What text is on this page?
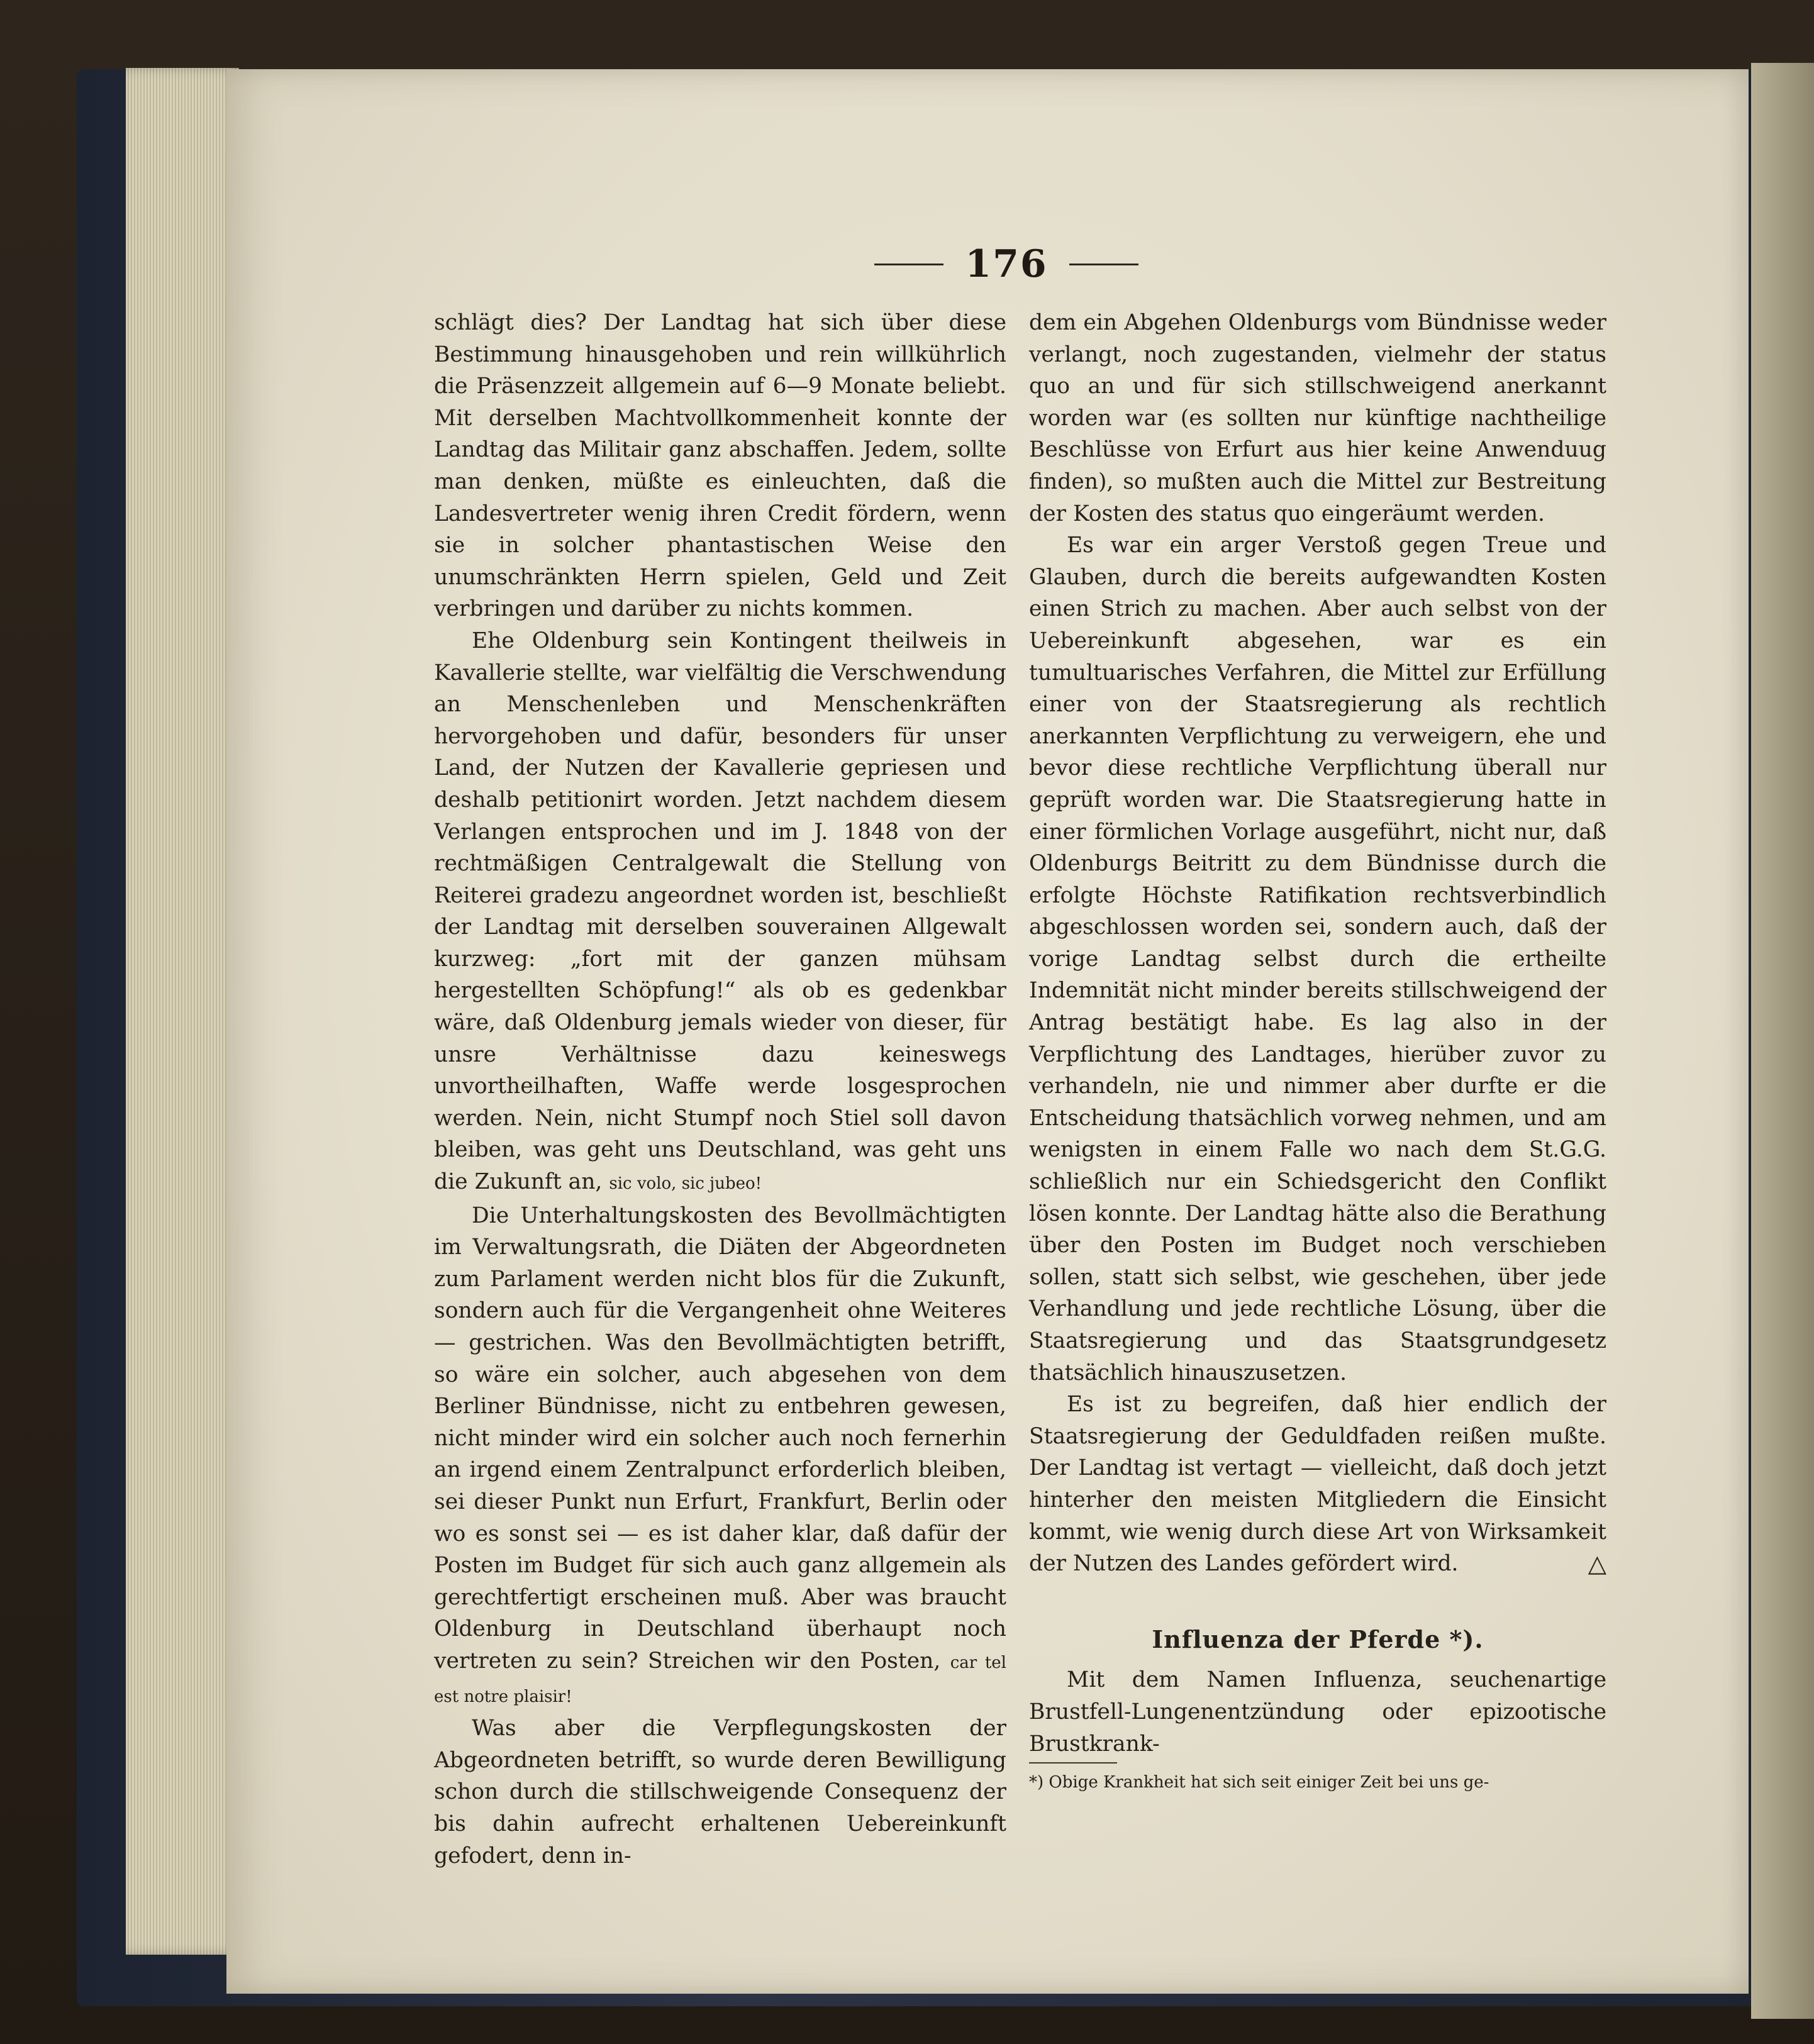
176

schlägt dies? Der Landtag hat sich über diese Bestimmung hinausgehoben und rein willkührlich die Präsenzzeit allgemein auf 6—9 Monate beliebt. Mit derselben Machtvollkommenheit konnte der Landtag das Militair ganz abschaffen. Jedem, sollte man denken, müßte es einleuchten, daß die Landesvertreter wenig ihren Credit fördern, wenn sie in solcher phantastischen Weise den unumschränkten Herrn spielen, Geld und Zeit verbringen und darüber zu nichts kommen.

Ehe Oldenburg sein Kontingent theilweis in Kavallerie stellte, war vielfältig die Verschwendung an Menschenleben und Menschenkräften hervorgehoben und dafür, besonders für unser Land, der Nutzen der Kavallerie gepriesen und deshalb petitionirt worden. Jetzt nachdem diesem Verlangen entsprochen und im J. 1848 von der rechtmäßigen Centralgewalt die Stellung von Reiterei gradezu angeordnet worden ist, beschließt der Landtag mit derselben souverainen Allgewalt kurzweg: „fort mit der ganzen mühsam hergestellten Schöpfung!“ als ob es gedenkbar wäre, daß Oldenburg jemals wieder von dieser, für unsre Verhältnisse dazu keineswegs unvortheilhaften, Waffe werde losgesprochen werden. Nein, nicht Stumpf noch Stiel soll davon bleiben, was geht uns Deutschland, was geht uns die Zukunft an, sic volo, sic jubeo!

Die Unterhaltungskosten des Bevollmächtigten im Verwaltungsrath, die Diäten der Abgeordneten zum Parlament werden nicht blos für die Zukunft, sondern auch für die Vergangenheit ohne Weiteres — gestrichen. Was den Bevollmächtigten betrifft, so wäre ein solcher, auch abgesehen von dem Berliner Bündnisse, nicht zu entbehren gewesen, nicht minder wird ein solcher auch noch fernerhin an irgend einem Zentralpunct erforderlich bleiben, sei dieser Punkt nun Erfurt, Frankfurt, Berlin oder wo es sonst sei — es ist daher klar, daß dafür der Posten im Budget für sich auch ganz allgemein als gerechtfertigt erscheinen muß. Aber was braucht Oldenburg in Deutschland überhaupt noch vertreten zu sein? Streichen wir den Posten, car tel est notre plaisir!

Was aber die Verpflegungskosten der Abgeordneten betrifft, so wurde deren Bewilligung schon durch die stillschweigende Consequenz der bis dahin aufrecht erhaltenen Uebereinkunft gefodert, denn in-

dem ein Abgehen Oldenburgs vom Bündnisse weder verlangt, noch zugestanden, vielmehr der status quo an und für sich stillschweigend anerkannt worden war (es sollten nur künftige nachtheilige Beschlüsse von Erfurt aus hier keine Anwenduug finden), so mußten auch die Mittel zur Bestreitung der Kosten des status quo eingeräumt werden.

Es war ein arger Verstoß gegen Treue und Glauben, durch die bereits aufgewandten Kosten einen Strich zu machen. Aber auch selbst von der Uebereinkunft abgesehen, war es ein tumultuarisches Verfahren, die Mittel zur Erfüllung einer von der Staatsregierung als rechtlich anerkannten Verpflichtung zu verweigern, ehe und bevor diese rechtliche Verpflichtung überall nur geprüft worden war. Die Staatsregierung hatte in einer förmlichen Vorlage ausgeführt, nicht nur, daß Oldenburgs Beitritt zu dem Bündnisse durch die erfolgte Höchste Ratifikation rechtsverbindlich abgeschlossen worden sei, sondern auch, daß der vorige Landtag selbst durch die ertheilte Indemnität nicht minder bereits stillschweigend der Antrag bestätigt habe. Es lag also in der Verpflichtung des Landtages, hierüber zuvor zu verhandeln, nie und nimmer aber durfte er die Entscheidung thatsächlich vorweg nehmen, und am wenigsten in einem Falle wo nach dem St.G.G. schließlich nur ein Schiedsgericht den Conflikt lösen konnte. Der Landtag hätte also die Berathung über den Posten im Budget noch verschieben sollen, statt sich selbst, wie geschehen, über jede Verhandlung und jede rechtliche Lösung, über die Staatsregierung und das Staatsgrundgesetz thatsächlich hinauszusetzen.

Es ist zu begreifen, daß hier endlich der Staatsregierung der Geduldfaden reißen mußte. Der Landtag ist vertagt — vielleicht, daß doch jetzt hinterher den meisten Mitgliedern die Einsicht kommt, wie wenig durch diese Art von Wirksamkeit der Nutzen des Landes gefördert wird.	△

Influenza der Pferde *).

Mit dem Namen Influenza, seuchenartige Brustfell-Lungenentzündung oder epizootische Brustkrank-

*) Obige Krankheit hat sich seit einiger Zeit bei uns ge-
